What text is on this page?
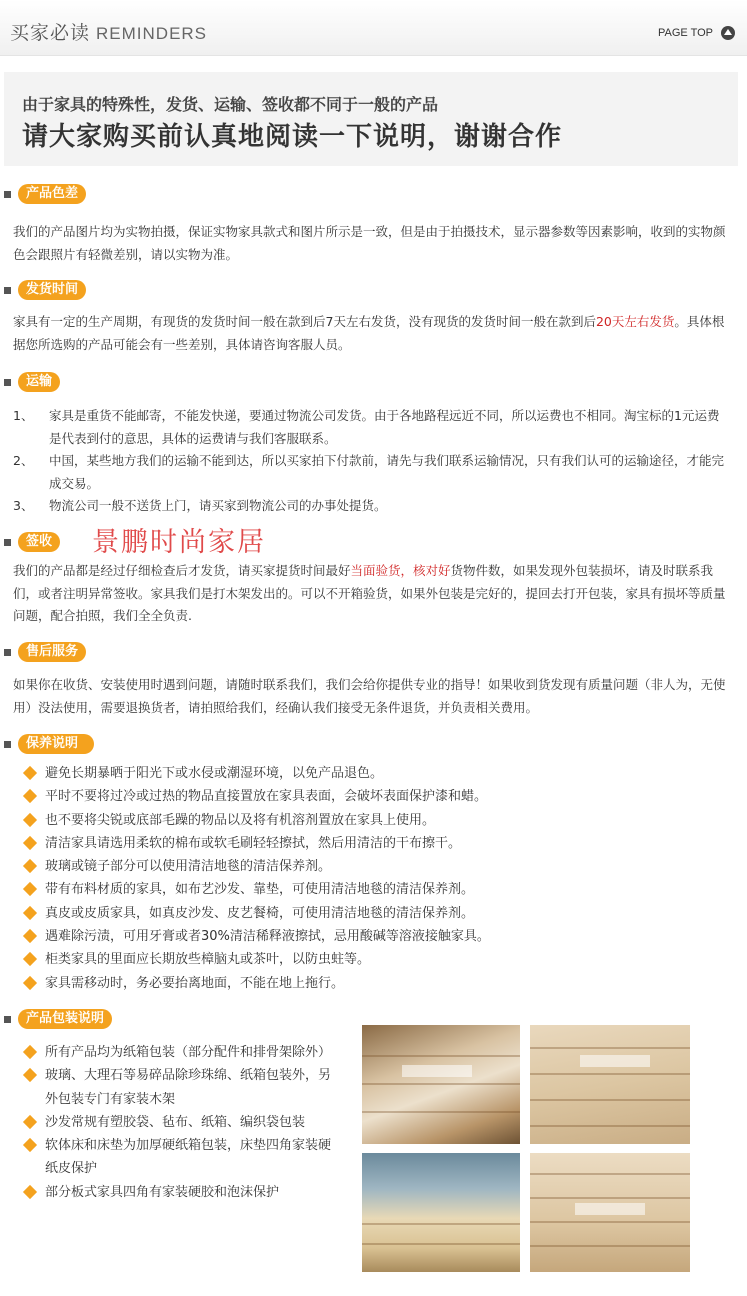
买家必读 REMINDERS	PAGE TOP
由于家具的特殊性，发货、运输、签收都不同于一般的产品
请大家购买前认真地阅读一下说明，谢谢合作
产品色差
我们的产品图片均为实物拍摄，保证实物家具款式和图片所示是一致，但是由于拍摄技术，显示器参数等因素影响，收到的实物颜色会跟照片有轻微差别，请以实物为准。
发货时间
家具有一定的生产周期，有现货的发货时间一般在款到后7天左右发货，没有现货的发货时间一般在款到后20天左右发货。具体根据您所选购的产品可能会有一些差别，具体请咨询客服人员。
运输
1、	家具是重货不能邮寄，不能发快递，要通过物流公司发货。由于各地路程远近不同，所以运费也不相同。淘宝标的1元运费是代表到付的意思，具体的运费请与我们客服联系。
2、	中国，某些地方我们的运输不能到达，所以买家拍下付款前，请先与我们联系运输情况，只有我们认可的运输途径，才能完成交易。
3、	物流公司一般不送货上门，请买家到物流公司的办事处提货。
签收 景鹏时尚家居
我们的产品都是经过仔细检查后才发货，请买家提货时间最好当面验货，核对好货物件数，如果发现外包装损坏，请及时联系我们，或者注明异常签收。家具我们是打木架发出的。可以不开箱验货，如果外包装是完好的，提回去打开包装，家具有损坏等质量问题，配合拍照，我们全全负责.
售后服务
如果你在收货、安装使用时遇到问题，请随时联系我们，我们会给你提供专业的指导！如果收到货发现有质量问题（非人为，无使用）没法使用，需要退换货者，请拍照给我们，经确认我们接受无条件退货，并负责相关费用。
保养说明
避免长期暴晒于阳光下或水侵或潮湿环境，以免产品退色。
平时不要将过冷或过热的物品直接置放在家具表面，会破坏表面保护漆和蜡。
也不要将尖锐或底部毛躁的物品以及将有机溶剂置放在家具上使用。
清洁家具请选用柔软的棉布或软毛刷轻轻擦拭，然后用清洁的干布擦干。
玻璃或镜子部分可以使用清洁地毯的清洁保养剂。
带有布料材质的家具，如布艺沙发、靠垫，可使用清洁地毯的清洁保养剂。
真皮或皮质家具，如真皮沙发、皮艺餐椅，可使用清洁地毯的清洁保养剂。
遇难除污渍，可用牙膏或者30%清洁稀释液擦拭，忌用酸碱等溶液接触家具。
柜类家具的里面应长期放些樟脑丸或茶叶，以防虫蛀等。
家具需移动时，务必要抬离地面，不能在地上拖行。
产品包装说明
所有产品均为纸箱包装（部分配件和排骨架除外）
玻璃、大理石等易碎品除珍珠绵、纸箱包装外，另外包装专门有家装木架
沙发常规有塑胶袋、毡布、纸箱、编织袋包装
软体床和床垫为加厚硬纸箱包装，床垫四角家装硬纸皮保护
部分板式家具四角有家装硬胶和泡沫保护
